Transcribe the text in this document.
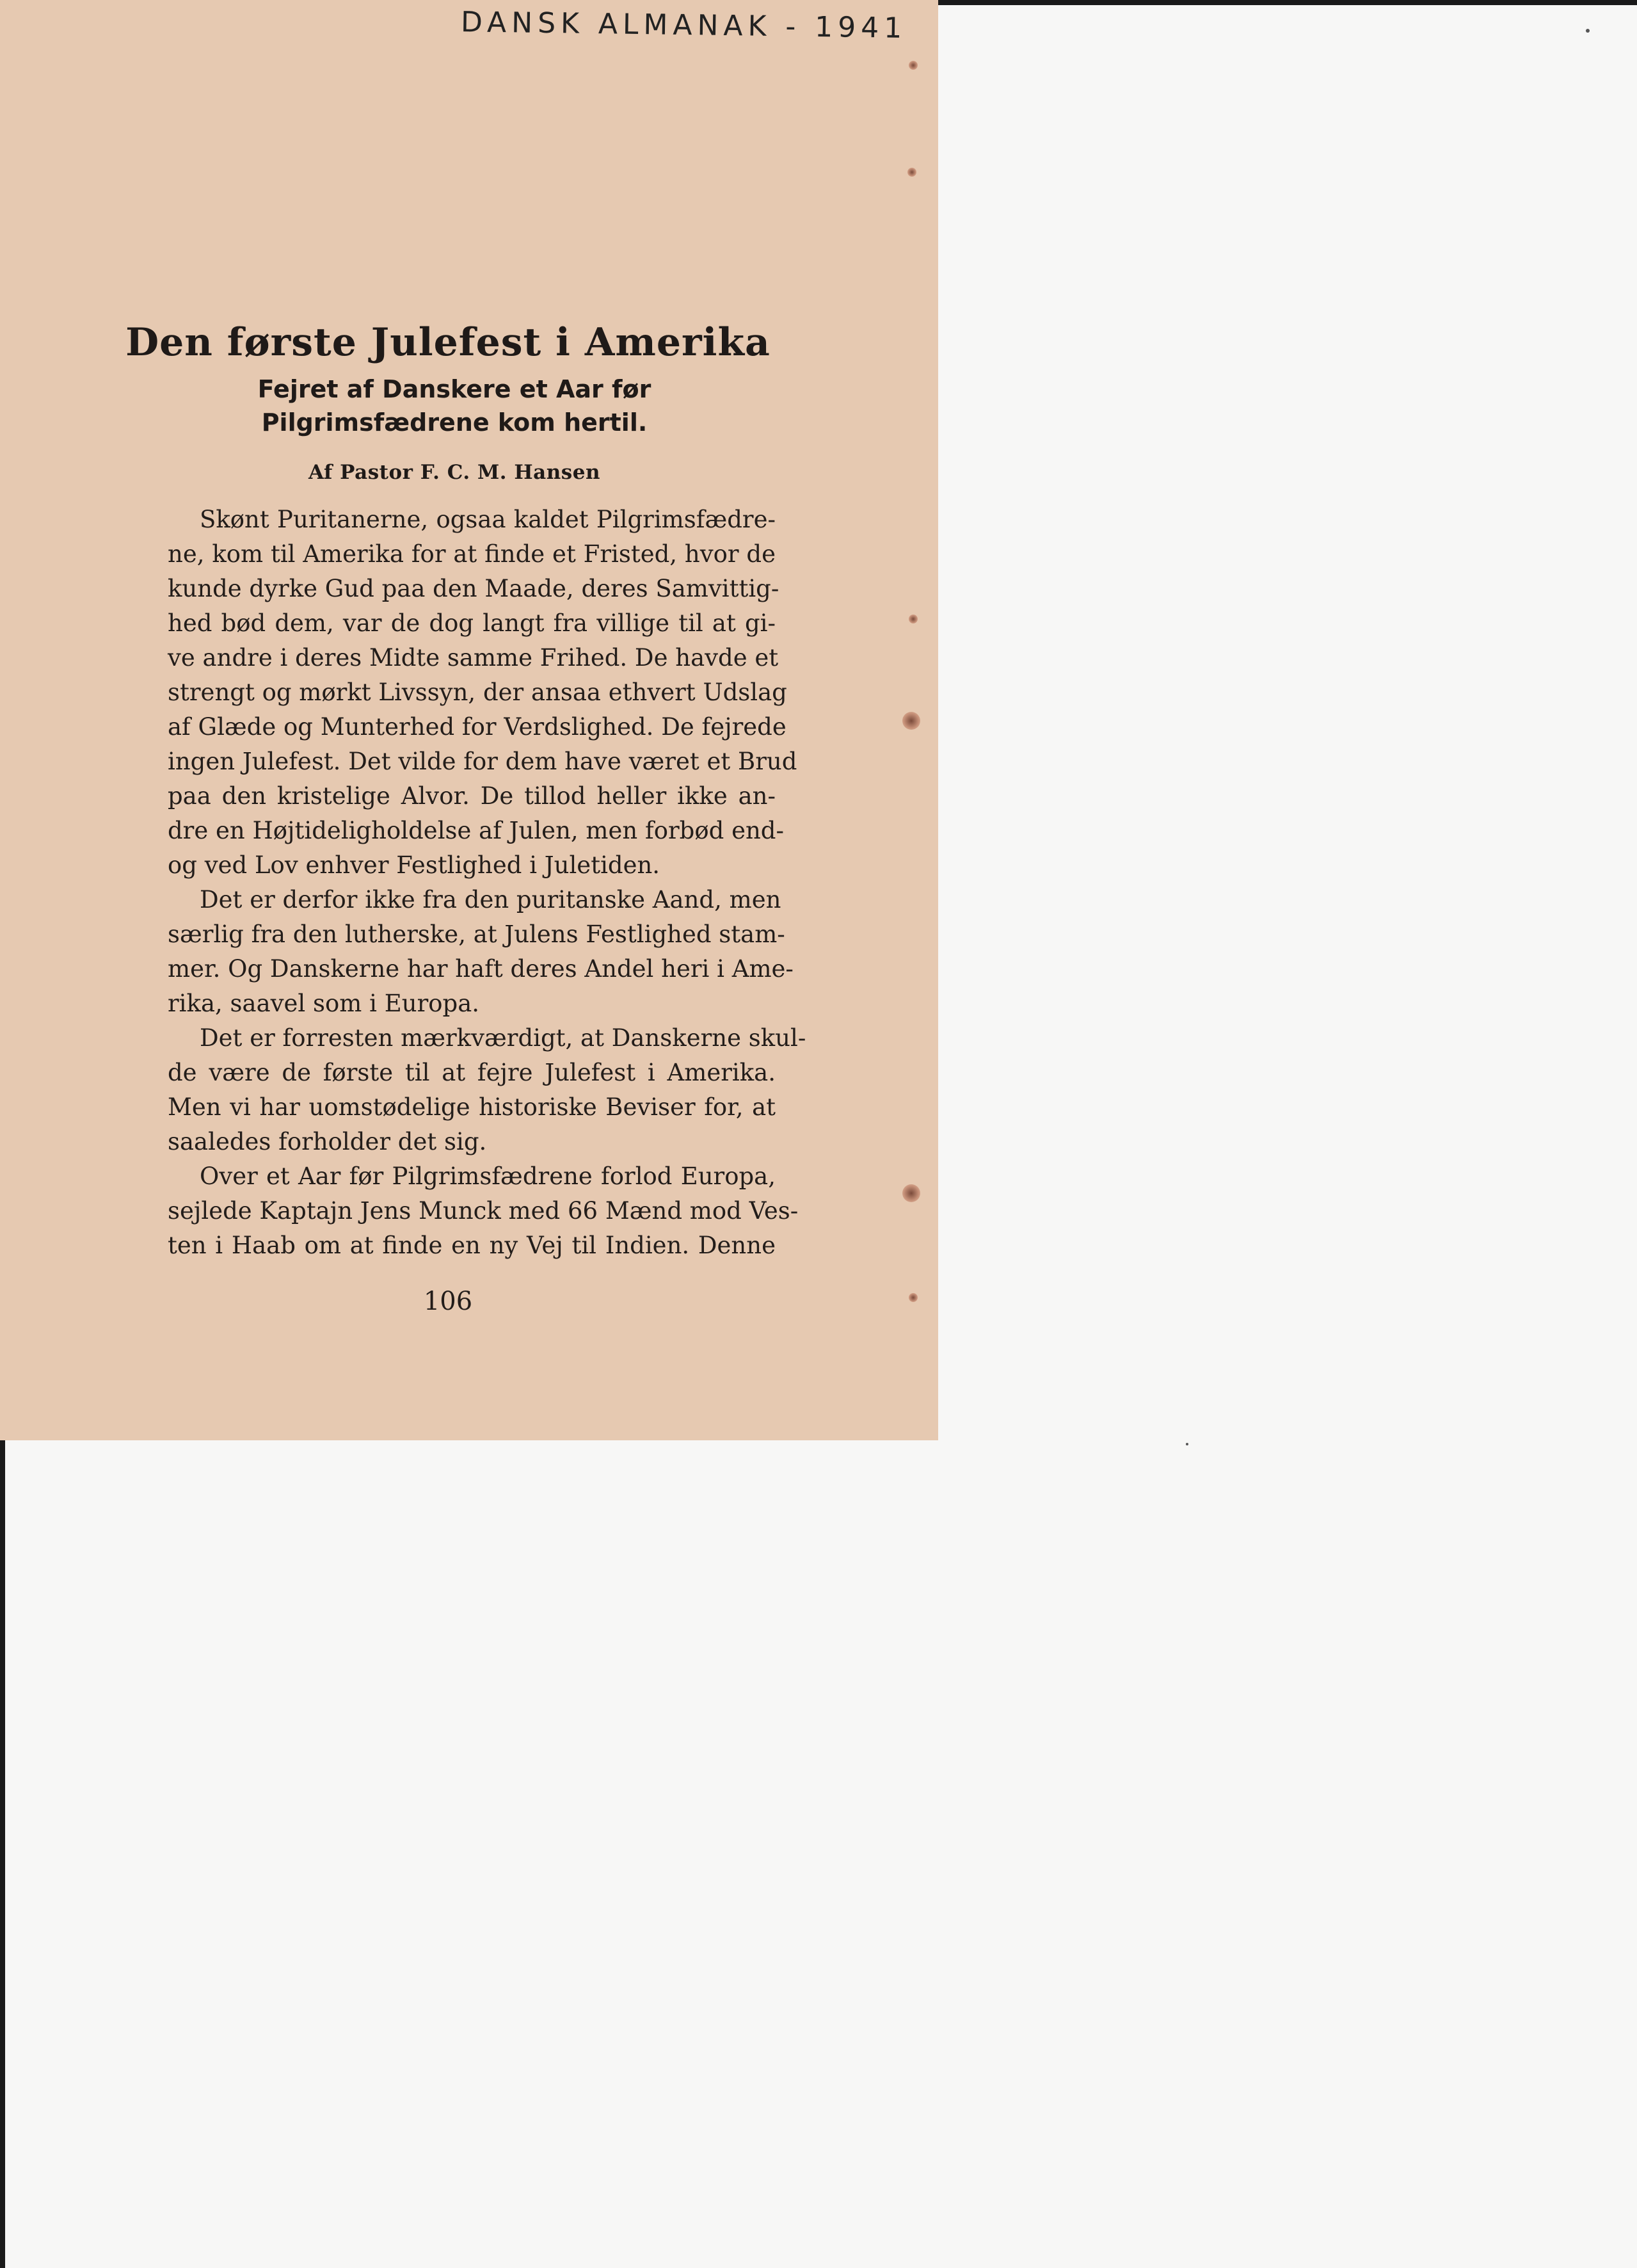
DANSK ALMANAK - 1941
Den første Julefest i Amerika
Fejret af Danskere et Aar før
Pilgrimsfædrene kom hertil.
Af Pastor F. C. M. Hansen
Skønt Puritanerne, ogsaa kaldet Pilgrimsfædre-
ne, kom til Amerika for at finde et Fristed, hvor de
kunde dyrke Gud paa den Maade, deres Samvittig-
hed bød dem, var de dog langt fra villige til at gi-
ve andre i deres Midte samme Frihed. De havde et
strengt og mørkt Livssyn, der ansaa ethvert Udslag
af Glæde og Munterhed for Verdslighed. De fejrede
ingen Julefest. Det vilde for dem have været et Brud
paa den kristelige Alvor. De tillod heller ikke an-
dre en Højtideligholdelse af Julen, men forbød end-
og ved Lov enhver Festlighed i Juletiden.
Det er derfor ikke fra den puritanske Aand, men
særlig fra den lutherske, at Julens Festlighed stam-
mer. Og Danskerne har haft deres Andel heri i Ame-
rika, saavel som i Europa.
Det er forresten mærkværdigt, at Danskerne skul-
de være de første til at fejre Julefest i Amerika.
Men vi har uomstødelige historiske Beviser for, at
saaledes forholder det sig.
Over et Aar før Pilgrimsfædrene forlod Europa,
sejlede Kaptajn Jens Munck med 66 Mænd mod Ves-
ten i Haab om at finde en ny Vej til Indien. Denne
106
